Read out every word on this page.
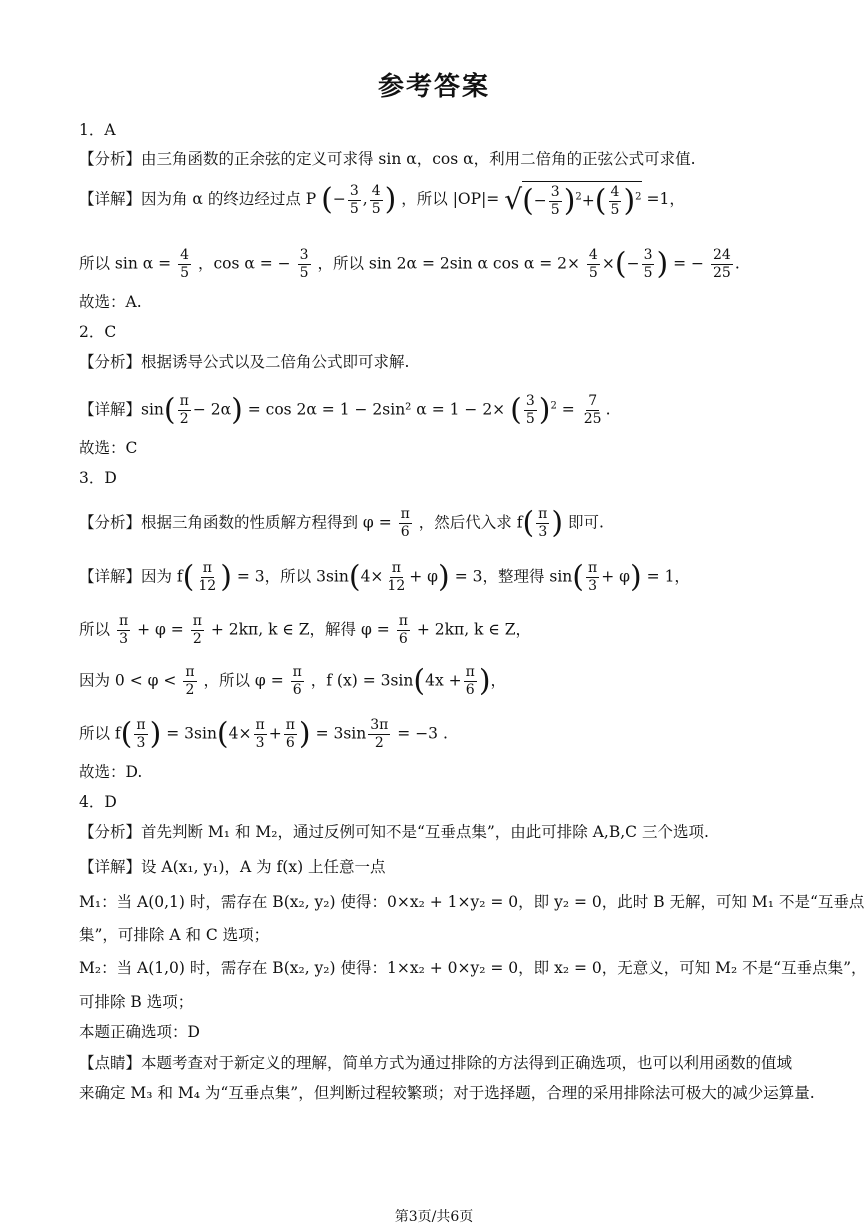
参考答案
1．A
【分析】由三角函数的正余弦的定义可求得 sin α，cos α，利用二倍角的正弦公式可求值.
【详解】因为角 α 的终边经过点 P (− $\frac{3}{5}$ , $\frac{4}{5}$ ) ，所以 |OP|= √(− $\frac{3}{5} )^2+( \frac{4}{5} )^2 =1$，
所以 $\sin \alpha = \frac{4}{5}$ ，cos α = − $\frac{3}{5}$ ，所以 sin 2α = 2sin α $\cos \alpha = 2\times \frac{4}{5}$ ×(− $\frac{3}{5}$ ) = − $\frac{24}{25}$ .
故选：A.
2．C
【分析】根据诱导公式以及二倍角公式即可求解.
【详解】$\sin( \frac{\pi}{2} - 2\alpha) = \cos 2\alpha = 1 - 2\sin^2$ α = 1 − 2× ( $\frac{3}{5} )^2 = \frac{7}{25}$ .
故选：C
3．D
【分析】根据三角函数的性质解方程得到 $\varphi = \frac{\pi}{6}$ ，然后代入求 $f( \frac{\pi}{3}$ ) 即可.
【详解】因为 $f( \frac{\pi}{12}$ ) = 3，所以 $3\sin(4\times \frac{\pi}{12} + \varphi) = 3$，整理得 $\sin( \frac{\pi}{3} + \varphi) = 1$，
所以 $\frac{\pi}{3} + \varphi = \frac{\pi}{2} + 2k\pi$, k ∈ Z，解得 $\varphi = \frac{\pi}{6} + 2k\pi$, k ∈ Z，
因为 $0 < \varphi < \frac{\pi}{2}$ ，所以 $\varphi = \frac{\pi}{6}$ ，f $(x) = 3\sin(4x + \frac{\pi}{6}$ )，
所以 $f( \frac{\pi}{3}$ ) = $3\sin(4\times \frac{\pi}{3} + \frac{\pi}{6}$ ) = $3\sin \frac{3\pi}{2} = -3$ .
故选：D.
4．D
【分析】首先判断 M₁ 和 M₂，通过反例可知不是“互垂点集”，由此可排除 A,B,C 三个选项.
【详解】设 A(x₁, y₁)，A 为 f(x) 上任意一点
M₁：当 A(0,1) 时，需存在 B(x₂, y₂) 使得：0×x₂ + 1×y₂ = 0，即 y₂ = 0，此时 B 无解，可知 M₁ 不是“互垂点
集”，可排除 A 和 C 选项；
M₂：当 A(1,0) 时，需存在 B(x₂, y₂) 使得：1×x₂ + 0×y₂ = 0，即 x₂ = 0，无意义，可知 M₂ 不是“互垂点集”，
可排除 B 选项；
本题正确选项：D
【点睛】本题考查对于新定义的理解，简单方式为通过排除的方法得到正确选项，也可以利用函数的值域
来确定 M₃ 和 M₄ 为“互垂点集”，但判断过程较繁琐；对于选择题，合理的采用排除法可极大的减少运算量.
第3页/共6页
